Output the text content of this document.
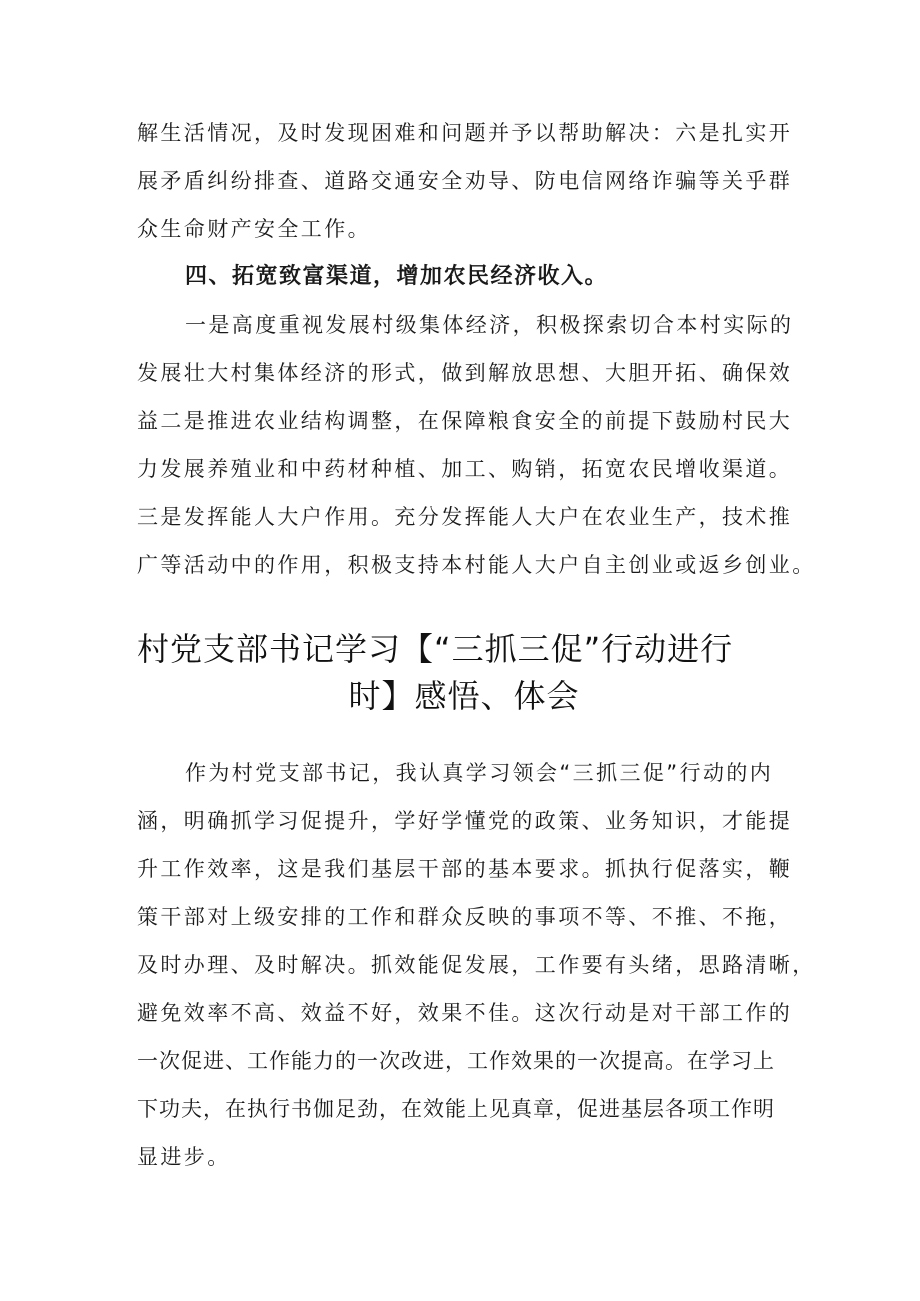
解生活情况，及时发现困难和问题并予以帮助解决：六是扎实开
展矛盾纠纷排查、道路交通安全劝导、防电信网络诈骗等关乎群
众生命财产安全工作。
四、拓宽致富渠道，增加农民经济收入。
一是高度重视发展村级集体经济，积极探索切合本村实际的
发展壮大村集体经济的形式，做到解放思想、大胆开拓、确保效
益二是推进农业结构调整，在保障粮食安全的前提下鼓励村民大
力发展养殖业和中药材种植、加工、购销，拓宽农民增收渠道。
三是发挥能人大户作用。充分发挥能人大户在农业生产，技术推
广等活动中的作用，积极支持本村能人大户自主创业或返乡创业。
村党支部书记学习【“三抓三促”行动进行
时】感悟、体会
作为村党支部书记，我认真学习领会“三抓三促”行动的内
涵，明确抓学习促提升，学好学懂党的政策、业务知识，才能提
升工作效率，这是我们基层干部的基本要求。抓执行促落实，鞭
策干部对上级安排的工作和群众反映的事项不等、不推、不拖，
及时办理、及时解决。抓效能促发展，工作要有头绪，思路清晰，
避免效率不高、效益不好，效果不佳。这次行动是对干部工作的
一次促进、工作能力的一次改进，工作效果的一次提高。在学习上
下功夫，在执行书伽足劲，在效能上见真章，促进基层各项工作明
显进步。
